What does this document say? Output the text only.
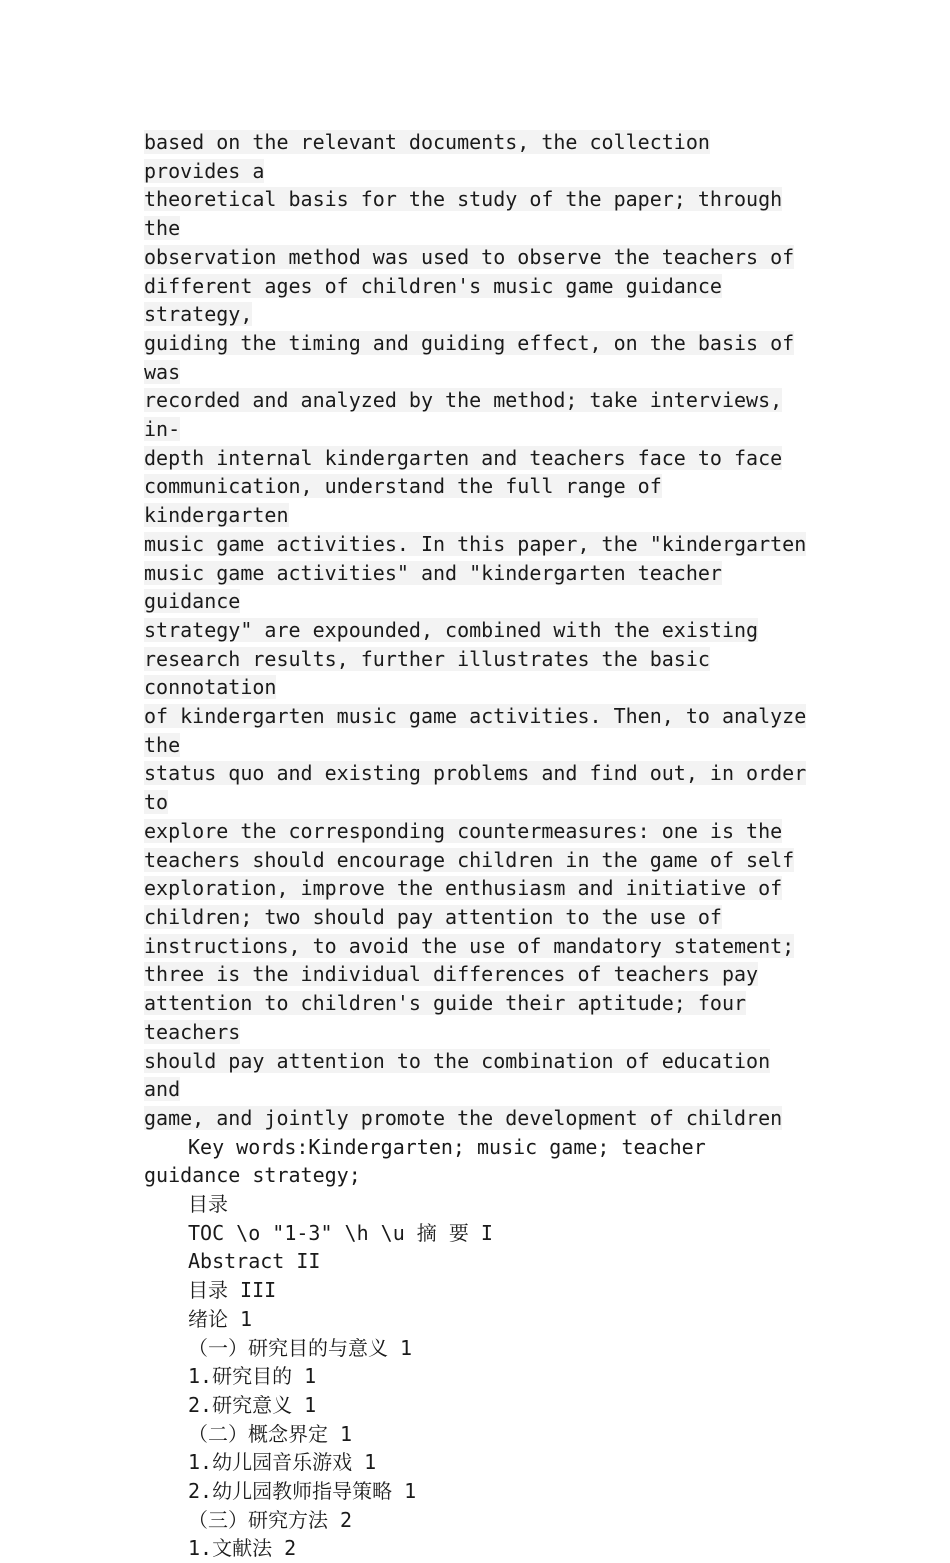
based on the relevant documents, the collection provides a
theoretical basis for the study of the paper; through the
observation method was used to observe the teachers of
different ages of children's music game guidance strategy,
guiding the timing and guiding effect, on the basis of was
recorded and analyzed by the method; take interviews, in-
depth internal kindergarten and teachers face to face
communication, understand the full range of kindergarten
music game activities. In this paper, the "kindergarten
music game activities" and "kindergarten teacher guidance
strategy" are expounded, combined with the existing
research results, further illustrates the basic connotation
of kindergarten music game activities. Then, to analyze the
status quo and existing problems and find out, in order to
explore the corresponding countermeasures: one is the
teachers should encourage children in the game of self
exploration, improve the enthusiasm and initiative of
children; two should pay attention to the use of
instructions, to avoid the use of mandatory statement;
three is the individual differences of teachers pay
attention to children's guide their aptitude; four teachers
should pay attention to the combination of education and
game, and jointly promote the development of children

Key words:Kindergarten; music game; teacher guidance strategy;

目录
TOC \o "1-3" \h \u 摘 要 I
Abstract II
目录 III
绪论 1
（一）研究目的与意义 1
1.研究目的 1
2.研究意义 1
（二）概念界定 1
1.幼儿园音乐游戏 1
2.幼儿园教师指导策略 1
（三）研究方法 2
1.文献法 2
